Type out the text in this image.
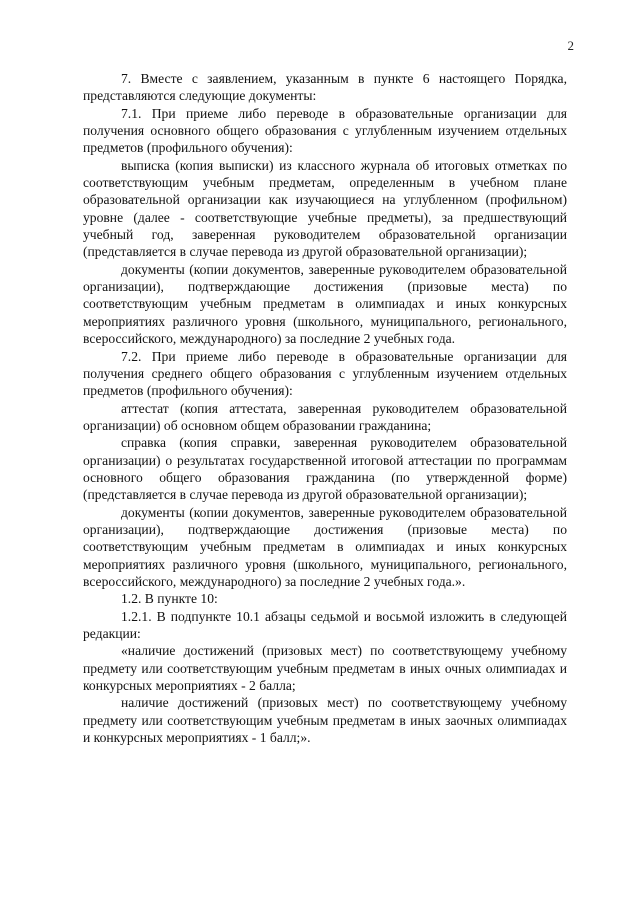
2

7. Вместе с заявлением, указанным в пункте 6 настоящего Порядка, представляются следующие документы:

7.1. При приеме либо переводе в образовательные организации для получения основного общего образования с углубленным изучением отдельных предметов (профильного обучения):

выписка (копия выписки) из классного журнала об итоговых отметках по соответствующим учебным предметам, определенным в учебном плане образовательной организации как изучающиеся на углубленном (профильном) уровне (далее - соответствующие учебные предметы), за предшествующий учебный год, заверенная руководителем образовательной организации (представляется в случае перевода из другой образовательной организации);

документы (копии документов, заверенные руководителем образовательной организации), подтверждающие достижения (призовые места) по соответствующим учебным предметам в олимпиадах и иных конкурсных мероприятиях различного уровня (школьного, муниципального, регионального, всероссийского, международного) за последние 2 учебных года.

7.2. При приеме либо переводе в образовательные организации для получения среднего общего образования с углубленным изучением отдельных предметов (профильного обучения):

аттестат (копия аттестата, заверенная руководителем образовательной организации) об основном общем образовании гражданина;

справка (копия справки, заверенная руководителем образовательной организации) о результатах государственной итоговой аттестации по программам основного общего образования гражданина (по утвержденной форме) (представляется в случае перевода из другой образовательной организации);

документы (копии документов, заверенные руководителем образовательной организации), подтверждающие достижения (призовые места) по соответствующим учебным предметам в олимпиадах и иных конкурсных мероприятиях различного уровня (школьного, муниципального, регионального, всероссийского, международного) за последние 2 учебных года.».

1.2. В пункте 10:

1.2.1. В подпункте 10.1 абзацы седьмой и восьмой изложить в следующей редакции:

«наличие достижений (призовых мест) по соответствующему учебному предмету или соответствующим учебным предметам в иных очных олимпиадах и конкурсных мероприятиях - 2 балла;

наличие достижений (призовых мест) по соответствующему учебному предмету или соответствующим учебным предметам в иных заочных олимпиадах и конкурсных мероприятиях - 1 балл;».
